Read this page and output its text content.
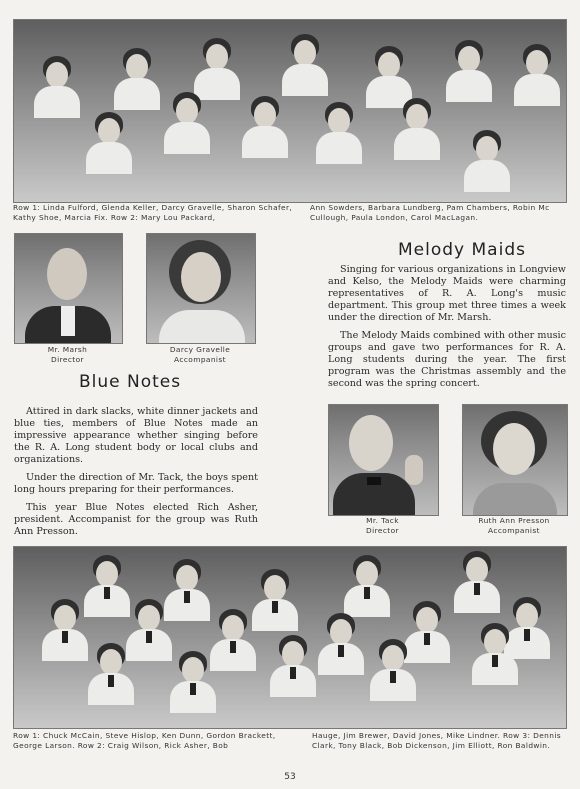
Row 1: Linda Fulford, Glenda Keller, Darcy Gravelle, Sharon Schafer, Kathy Shoe, Marcia Fix. Row 2: Mary Lou Packard,
Ann Sowders, Barbara Lundberg, Pam Chambers, Robin Mc Cullough, Paula London, Carol MacLagan.
Mr. Marsh
Director
Darcy Gravelle
Accompanist
Melody Maids

Singing for various organizations in Longview and Kelso, the Melody Maids were charming representatives of R. A. Long's music department. This group met three times a week under the direction of Mr. Marsh.

The Melody Maids combined with other music groups and gave two performances for R. A. Long students during the year. The first program was the Christmas assembly and the second was the spring concert.

Blue Notes

Attired in dark slacks, white dinner jackets and blue ties, members of Blue Notes made an impressive appearance whether singing before the R. A. Long student body or local clubs and organizations.

Under the direction of Mr. Tack, the boys spent long hours preparing for their performances.

This year Blue Notes elected Rich Asher, president. Accompanist for the group was Ruth Ann Presson.

Mr. Tack
Director
Ruth Ann Presson
Accompanist
Row 1: Chuck McCain, Steve Hislop, Ken Dunn, Gordon Brackett, George Larson. Row 2: Craig Wilson, Rick Asher, Bob
Hauge, Jim Brewer, David Jones, Mike Lindner. Row 3: Dennis Clark, Tony Black, Bob Dickenson, Jim Elliott, Ron Baldwin.
53
